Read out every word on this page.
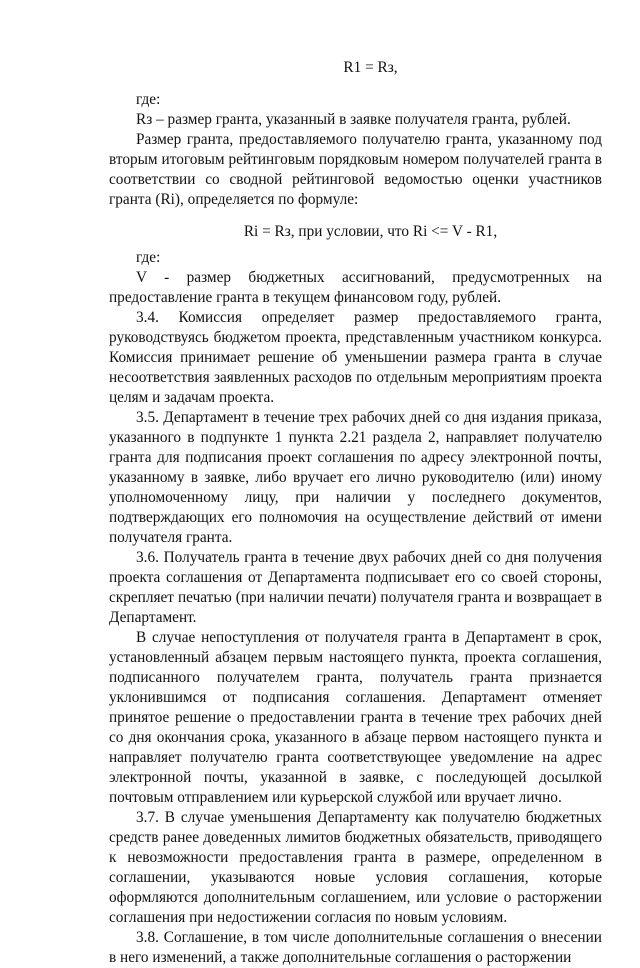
R1 = Rз,

где:

Rз – размер гранта, указанный в заявке получателя гранта, рублей.

Размер гранта, предоставляемого получателю гранта, указанному под вторым итоговым рейтинговым порядковым номером получателей гранта в соответствии со сводной рейтинговой ведомостью оценки участников гранта (Ri), определяется по формуле:

Ri = Rз, при условии, что Ri <= V - R1,

где:

V - размер бюджетных ассигнований, предусмотренных на предоставление гранта в текущем финансовом году, рублей.

3.4. Комиссия определяет размер предоставляемого гранта, руководствуясь бюджетом проекта, представленным участником конкурса. Комиссия принимает решение об уменьшении размера гранта в случае несоответствия заявленных расходов по отдельным мероприятиям проекта целям и задачам проекта.

3.5. Департамент в течение трех рабочих дней со дня издания приказа, указанного в подпункте 1 пункта 2.21 раздела 2, направляет получателю гранта для подписания проект соглашения по адресу электронной почты, указанному в заявке, либо вручает его лично руководителю (или) иному уполномоченному лицу, при наличии у последнего документов, подтверждающих его полномочия на осуществление действий от имени получателя гранта.

3.6. Получатель гранта в течение двух рабочих дней со дня получения проекта соглашения от Департамента подписывает его со своей стороны, скрепляет печатью (при наличии печати) получателя гранта и возвращает в Департамент.

В случае непоступления от получателя гранта в Департамент в срок, установленный абзацем первым настоящего пункта, проекта соглашения, подписанного получателем гранта, получатель гранта признается уклонившимся от подписания соглашения. Департамент отменяет принятое решение о предоставлении гранта в течение трех рабочих дней со дня окончания срока, указанного в абзаце первом настоящего пункта и направляет получателю гранта соответствующее уведомление на адрес электронной почты, указанной в заявке, с последующей досылкой почтовым отправлением или курьерской службой или вручает лично.

3.7. В случае уменьшения Департаменту как получателю бюджетных средств ранее доведенных лимитов бюджетных обязательств, приводящего к невозможности предоставления гранта в размере, определенном в соглашении, указываются новые условия соглашения, которые оформляются дополнительным соглашением, или условие о расторжении соглашения при недостижении согласия по новым условиям.

3.8. Соглашение, в том числе дополнительные соглашения о внесении в него изменений, а также дополнительные соглашения о расторжении
